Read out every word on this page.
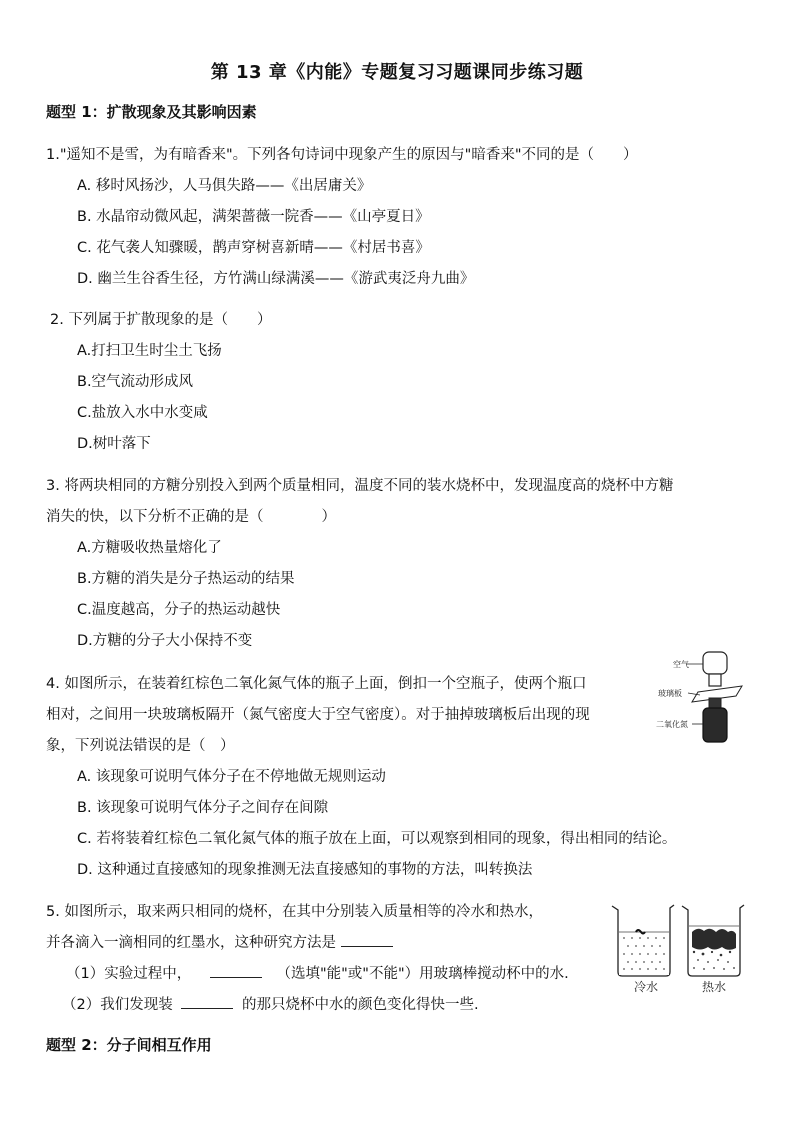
第 13 章《内能》专题复习习题课同步练习题
题型 1：扩散现象及其影响因素
1."遥知不是雪，为有暗香来"。下列各句诗词中现象产生的原因与"暗香来"不同的是（　　）
A. 移时风扬沙，人马俱失路——《出居庸关》
B. 水晶帘动微风起，满架蔷薇一院香——《山亭夏日》
C. 花气袭人知骤暖，鹊声穿树喜新晴——《村居书喜》
D. 幽兰生谷香生径，方竹满山绿满溪——《游武夷泛舟九曲》
2. 下列属于扩散现象的是（　　）
A.打扫卫生时尘土飞扬
B.空气流动形成风
C.盐放入水中水变咸
D.树叶落下
3. 将两块相同的方糖分别投入到两个质量相同，温度不同的装水烧杯中，发现温度高的烧杯中方糖
消失的快，以下分析不正确的是（　　　　）
A.方糖吸收热量熔化了
B.方糖的消失是分子热运动的结果
C.温度越高，分子的热运动越快
D.方糖的分子大小保持不变
4. 如图所示，在装着红棕色二氧化氮气体的瓶子上面，倒扣一个空瓶子，使两个瓶口
相对，之间用一块玻璃板隔开（氮气密度大于空气密度）。对于抽掉玻璃板后出现的现
象，下列说法错误的是（　）
A. 该现象可说明气体分子在不停地做无规则运动
B. 该现象可说明气体分子之间存在间隙
C. 若将装着红棕色二氧化氮气体的瓶子放在上面，可以观察到相同的现象，得出相同的结论。
D. 这种通过直接感知的现象推测无法直接感知的事物的方法，叫转换法
空气
玻璃板
二氧化氮
5. 如图所示，取来两只相同的烧杯，在其中分别装入质量相等的冷水和热水，
并各滴入一滴相同的红墨水，这种研究方法是
（1）实验过程中，	（选填"能"或"不能"）用玻璃棒搅动杯中的水.
（2）我们发现装	的那只烧杯中水的颜色变化得快一些.
冷水	热水
题型 2：分子间相互作用
